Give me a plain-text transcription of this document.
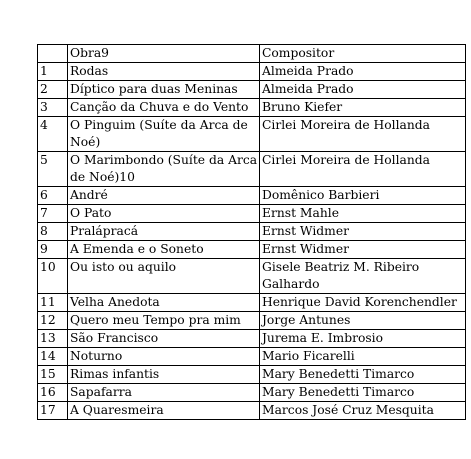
	Obra9	Compositor
1	Rodas	Almeida Prado
2	Díptico para duas Meninas	Almeida Prado
3	Canção da Chuva e do Vento	Bruno Kiefer
4	O Pinguim (Suíte da Arca de Noé)	Cirlei Moreira de Hollanda
5	O Marimbondo (Suíte da Arca de Noé)10	Cirlei Moreira de Hollanda
6	André	Domênico Barbieri
7	O Pato	Ernst Mahle
8	Pralápracá	Ernst Widmer
9	A Emenda e o Soneto	Ernst Widmer
10	Ou isto ou aquilo	Gisele Beatriz M. Ribeiro Galhardo
11	Velha Anedota	Henrique David Korenchendler
12	Quero meu Tempo pra mim	Jorge Antunes
13	São Francisco	Jurema E. Imbrosio
14	Noturno	Mario Ficarelli
15	Rimas infantis	Mary Benedetti Timarco
16	Sapafarra	Mary Benedetti Timarco
17	A Quaresmeira	Marcos José Cruz Mesquita
